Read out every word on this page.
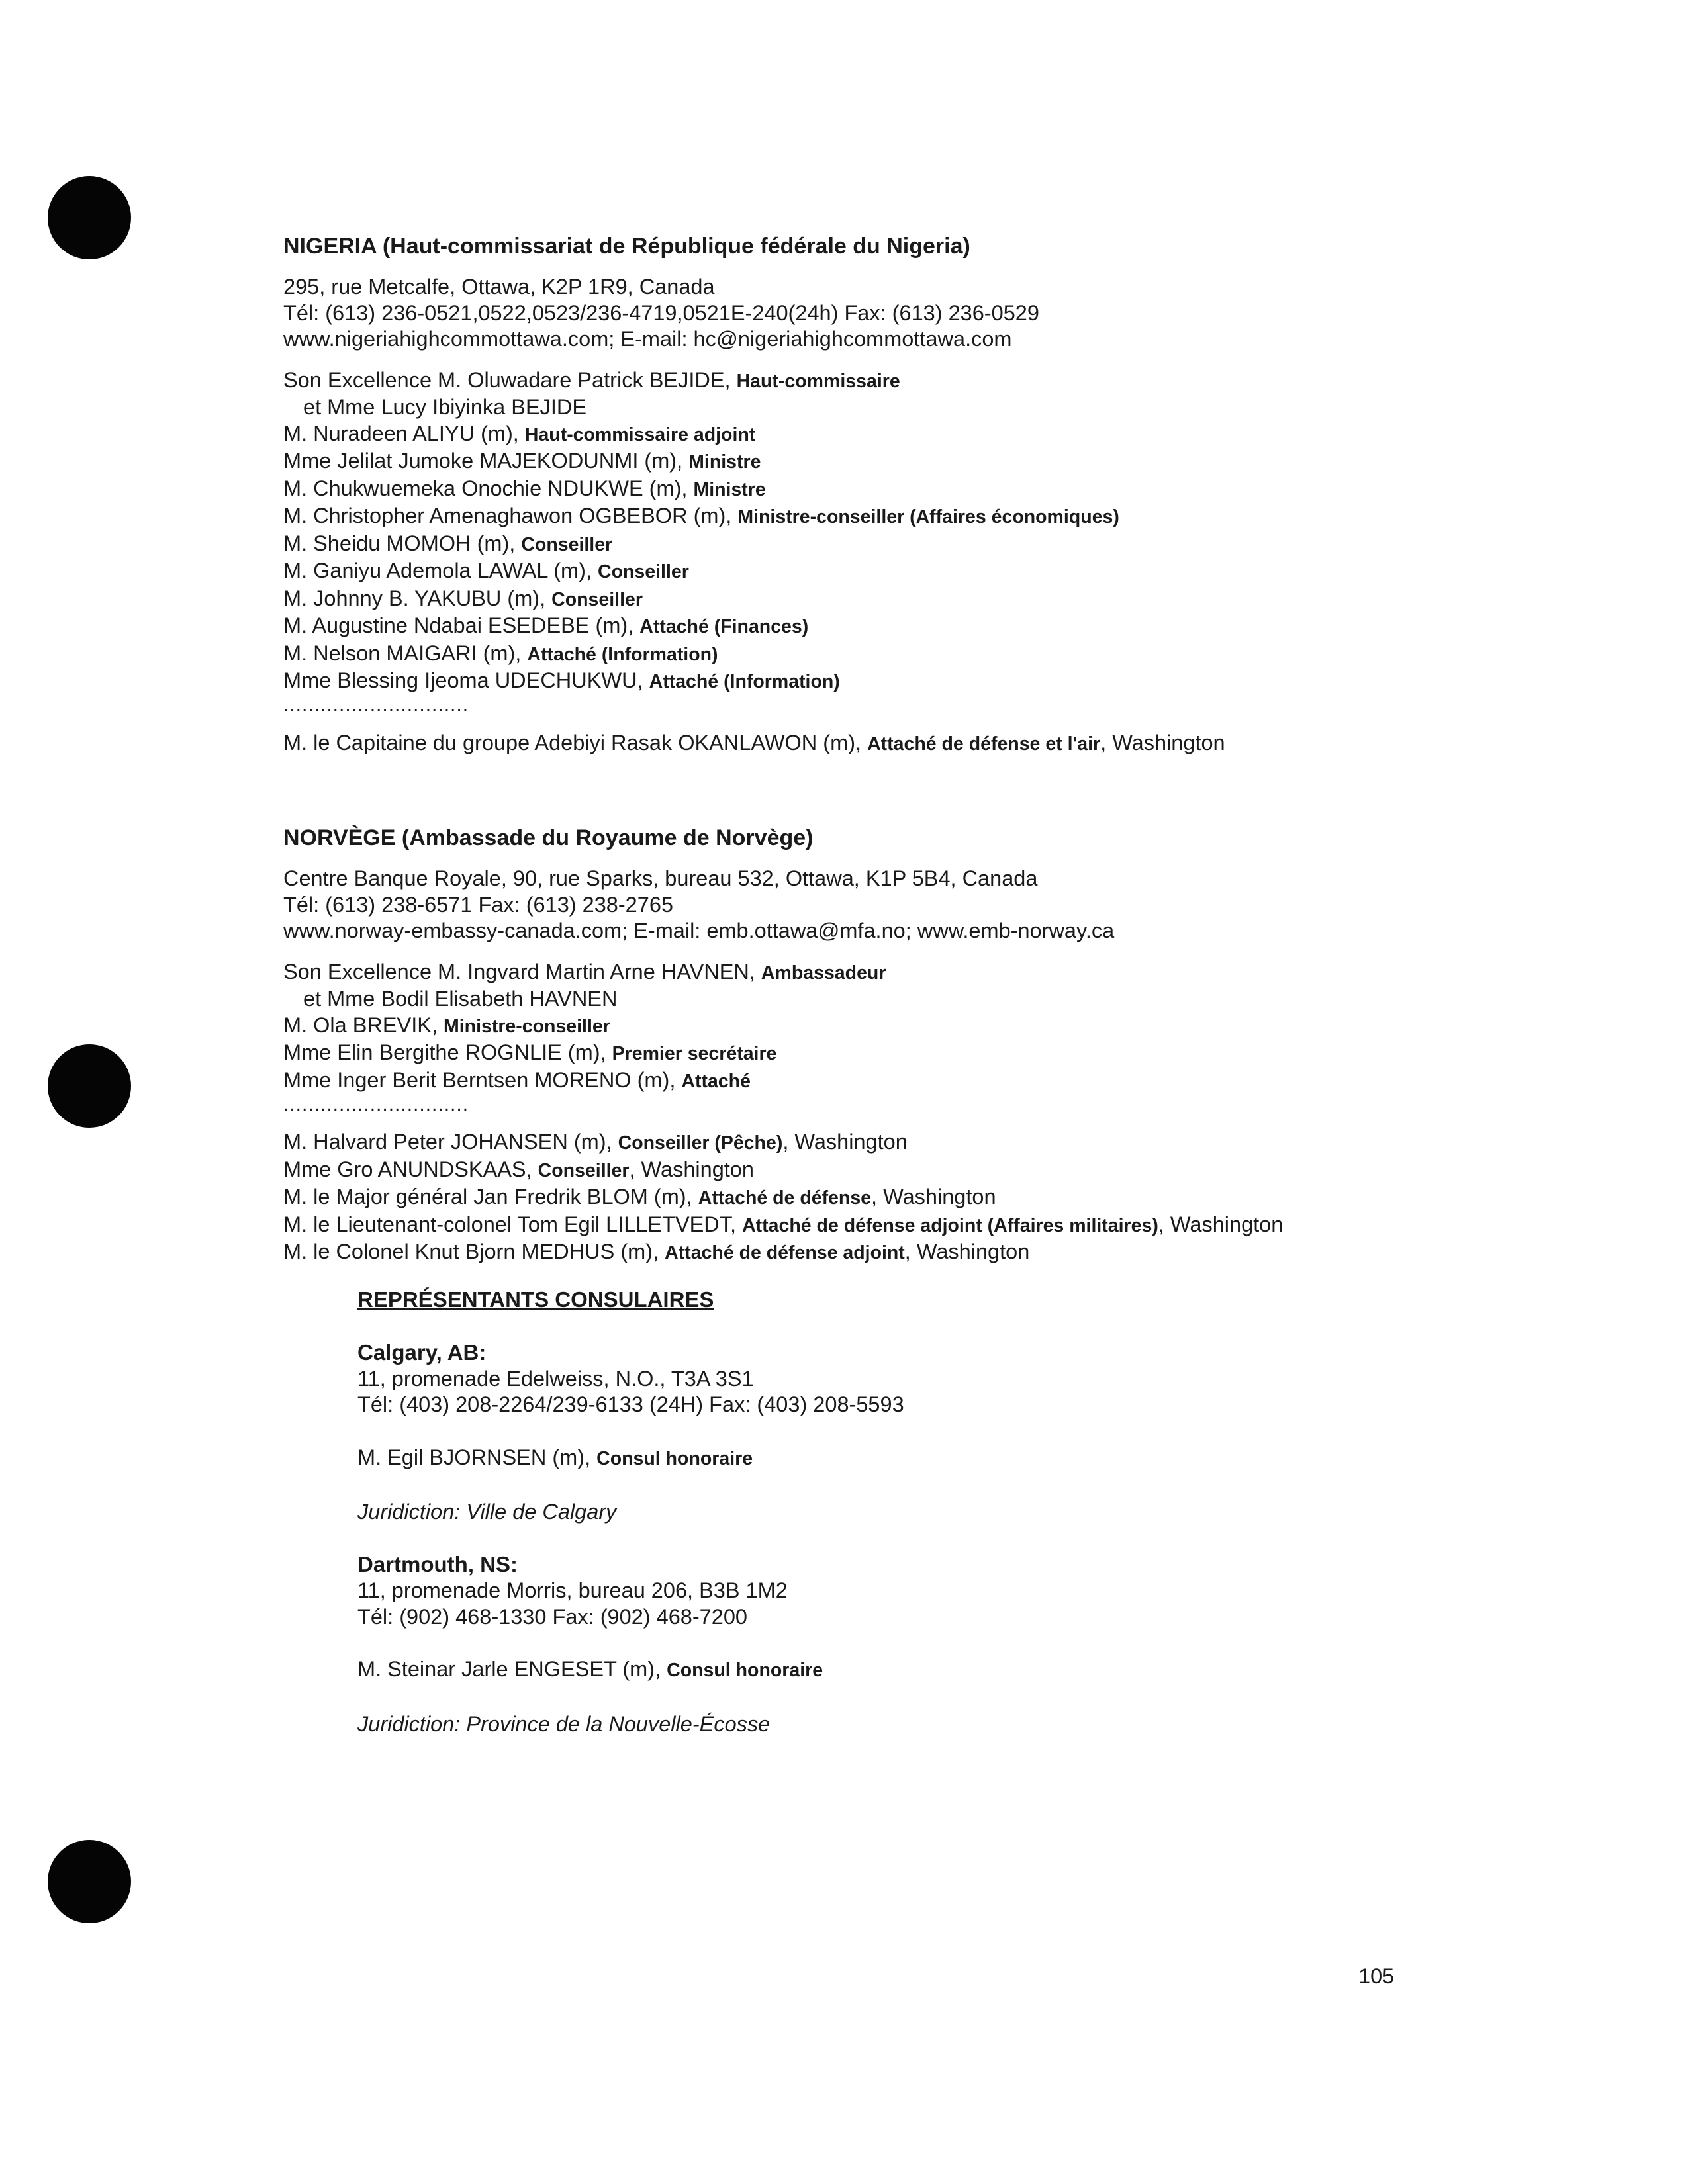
NIGERIA (Haut-commissariat de République fédérale du Nigeria)
295, rue Metcalfe, Ottawa, K2P 1R9, Canada
Tél: (613) 236-0521,0522,0523/236-4719,0521E-240(24h) Fax: (613) 236-0529
www.nigeriahighcommottawa.com; E-mail: hc@nigeriahighcommottawa.com
Son Excellence M. Oluwadare Patrick BEJIDE, Haut-commissaire
et Mme Lucy Ibiyinka BEJIDE
M. Nuradeen ALIYU (m), Haut-commissaire adjoint
Mme Jelilat Jumoke MAJEKODUNMI (m), Ministre
M. Chukwuemeka Onochie NDUKWE (m), Ministre
M. Christopher Amenaghawon OGBEBOR (m), Ministre-conseiller (Affaires économiques)
M. Sheidu MOMOH (m), Conseiller
M. Ganiyu Ademola LAWAL (m), Conseiller
M. Johnny B. YAKUBU (m), Conseiller
M. Augustine Ndabai ESEDEBE (m), Attaché (Finances)
M. Nelson MAIGARI (m), Attaché (Information)
Mme Blessing Ijeoma UDECHUKWU, Attaché (Information)
..............................
M. le Capitaine du groupe Adebiyi Rasak OKANLAWON (m), Attaché de défense et l'air, Washington
NORVÈGE (Ambassade du Royaume de Norvège)
Centre Banque Royale, 90, rue Sparks, bureau 532, Ottawa, K1P 5B4, Canada
Tél: (613) 238-6571 Fax: (613) 238-2765
www.norway-embassy-canada.com; E-mail: emb.ottawa@mfa.no; www.emb-norway.ca
Son Excellence M. Ingvard Martin Arne HAVNEN, Ambassadeur
et Mme Bodil Elisabeth HAVNEN
M. Ola BREVIK, Ministre-conseiller
Mme Elin Bergithe ROGNLIE (m), Premier secrétaire
Mme Inger Berit Berntsen MORENO (m), Attaché
..............................
M. Halvard Peter JOHANSEN (m), Conseiller (Pêche), Washington
Mme Gro ANUNDSKAAS, Conseiller, Washington
M. le Major général Jan Fredrik BLOM (m), Attaché de défense, Washington
M. le Lieutenant-colonel Tom Egil LILLETVEDT, Attaché de défense adjoint (Affaires militaires), Washington
M. le Colonel Knut Bjorn MEDHUS (m), Attaché de défense adjoint, Washington
REPRÉSENTANTS CONSULAIRES
Calgary, AB:
11, promenade Edelweiss, N.O., T3A 3S1
Tél: (403) 208-2264/239-6133 (24H) Fax: (403) 208-5593
M. Egil BJORNSEN (m), Consul honoraire
Juridiction: Ville de Calgary
Dartmouth, NS:
11, promenade Morris, bureau 206, B3B 1M2
Tél: (902) 468-1330 Fax: (902) 468-7200
M. Steinar Jarle ENGESET (m), Consul honoraire
Juridiction: Province de la Nouvelle-Écosse
105
